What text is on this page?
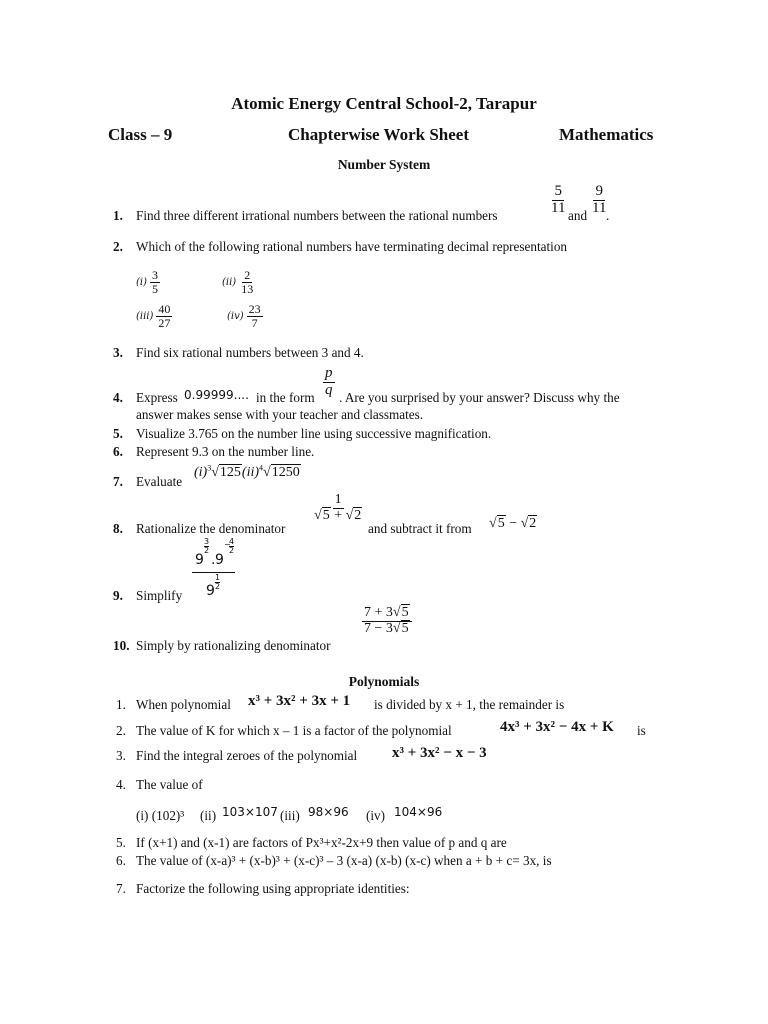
Atomic Energy Central School-2, Tarapur
Class – 9	Chapterwise Work Sheet	Mathematics
Number System
1. Find three different irrational numbers between the rational numbers	$\frac{5}{11}$ and $\frac{9}{11}$
.
2. Which of the following rational numbers have terminating decimal representation
$(i) \frac{3}{5}$	$(ii) \frac{2}{13}$
$(iii) \frac{40}{27}$	$(iv) \frac{23}{7}$
3. Find six rational numbers between 3 and 4.
4. Express 0.99999.... in the form $\frac{p}{q}$ . Are you surprised by your answer? Discuss why the
answer makes sense with your teacher and classmates.
5. Visualize 3.765 on the number line using successive magnification.
6. Represent 9.3 on the number line.
7. Evaluate
$(i)^3√125(ii)^4√1250$
8. Rationalize the denominator
$\frac{1}{√5 + √2}$
and subtract it from √5 − √2
9. Simplify
9
3
2
. 9
−
4
2
9
1
2
10. Simply by rationalizing denominator
$\frac{7 + 3√5}{7 - 3√5}$
Polynomials
1. When polynomial x³ + 3x² + 3x + 1 is divided by x + 1, the remainder is
2. The value of K for which x – 1 is a factor of the polynomial	4x³ + 3x² − 4x + K is
3. Find the integral zeroes of the polynomial x³ + 3x² − x − 3
4. The value of
(i) (102)³ (ii) 103×107 (iii) 98×96 (iv) 104×96
5. If (x+1) and (x-1) are factors of Px³+x²-2x+9 then value of p and q are
6. The value of (x-a)³ + (x-b)³ + (x-c)³ – 3 (x-a) (x-b) (x-c) when a + b + c= 3x, is
7. Factorize the following using appropriate identities:
